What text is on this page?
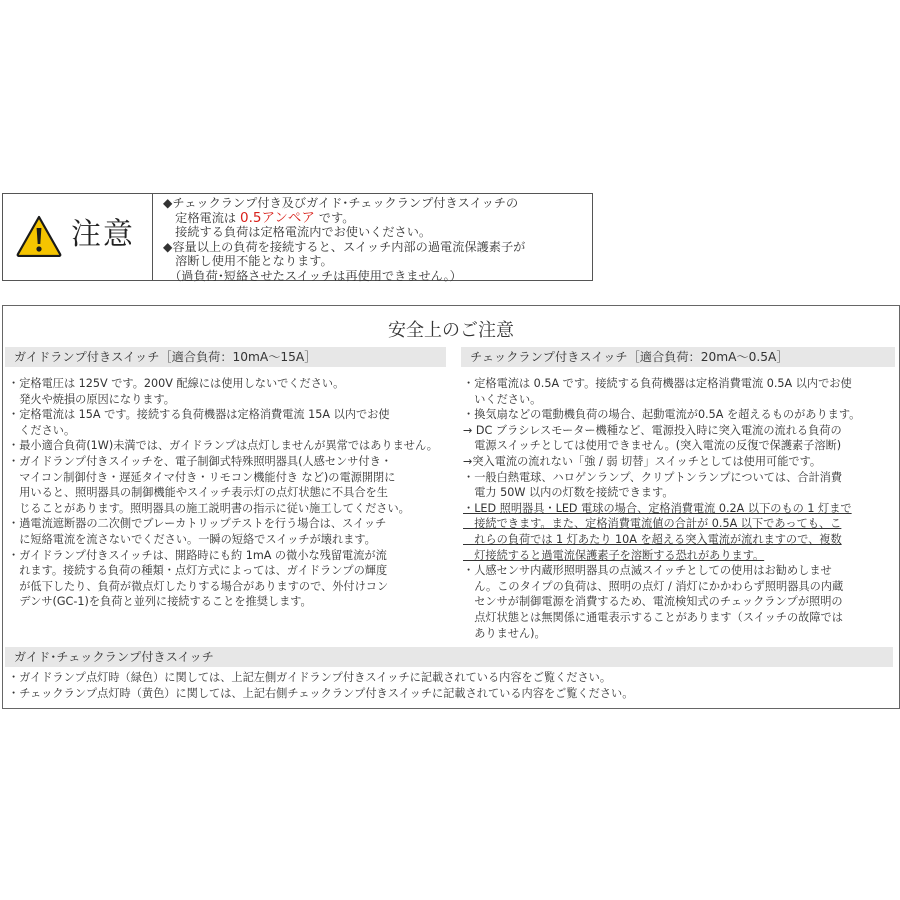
注意

◆チェックランプ付き及びガイド･チェックランプ付きスイッチの

　定格電流は 0.5アンペア です。

　接続する負荷は定格電流内でお使いください。

◆容量以上の負荷を接続すると、スイッチ内部の過電流保護素子が

　溶断し使用不能となります。

　（過負荷･短絡させたスイッチは再使用できません。）

安全上のご注意
ガイドランプ付きスイッチ［適合負荷：10mA～15A］	チェックランプ付きスイッチ［適合負荷：20mA～0.5A］

・定格電圧は 125V です。200V 配線には使用しないでください。

　発火や焼損の原因になります。

・定格電流は 15A です。接続する負荷機器は定格消費電流 15A 以内でお使

　ください。

・最小適合負荷(1W)未満では、ガイドランプは点灯しませんが異常ではありません。

・ガイドランプ付きスイッチを、電子制御式特殊照明器具(人感センサ付き・

　マイコン制御付き・遅延タイマ付き・リモコン機能付き など)の電源開閉に

　用いると、照明器具の制御機能やスイッチ表示灯の点灯状態に不具合を生

　じることがあります。照明器具の施工説明書の指示に従い施工してください。

・過電流遮断器の二次側でブレーカトリップテストを行う場合は、スイッチ

　に短絡電流を流さないでください。一瞬の短絡でスイッチが壊れます。

・ガイドランプ付きスイッチは、開路時にも約 1mA の微小な残留電流が流

　れます。接続する負荷の種類・点灯方式によっては、ガイドランプの輝度

　が低下したり、負荷が微点灯したりする場合がありますので、外付けコン

　デンサ(GC-1)を負荷と並列に接続することを推奨します。

・定格電流は 0.5A です。接続する負荷機器は定格消費電流 0.5A 以内でお使

　いください。

・換気扇などの電動機負荷の場合、起動電流が0.5A を超えるものがあります。

→ DC ブラシレスモーター機種など、電源投入時に突入電流の流れる負荷の

　電源スイッチとしては使用できません。(突入電流の反復で保護素子溶断)

→突入電流の流れない「強 / 弱 切替」スイッチとしては使用可能です。

・一般白熱電球、ハロゲンランプ、クリプトンランプについては、合計消費

　電力 50W 以内の灯数を接続できます。

・LED 照明器具・LED 電球の場合、定格消費電流 0.2A 以下のもの 1 灯まで

　接続できます。また、定格消費電流値の合計が 0.5A 以下であっても、こ

　れらの負荷では 1 灯あたり 10A を超える突入電流が流れますので、複数

　灯接続すると過電流保護素子を溶断する恐れがあります。

・人感センサ内蔵形照明器具の点滅スイッチとしての使用はお勧めしませ

　ん。このタイプの負荷は、照明の点灯 / 消灯にかかわらず照明器具の内蔵

　センサが制御電源を消費するため、電流検知式のチェックランプが照明の

　点灯状態とは無関係に通電表示することがあります（スイッチの故障では

　ありません)。

ガイド･チェックランプ付きスイッチ

・ガイドランプ点灯時（緑色）に関しては、上記左側ガイドランプ付きスイッチに記載されている内容をご覧ください。

・チェックランプ点灯時（黄色）に関しては、上記右側チェックランプ付きスイッチに記載されている内容をご覧ください。
